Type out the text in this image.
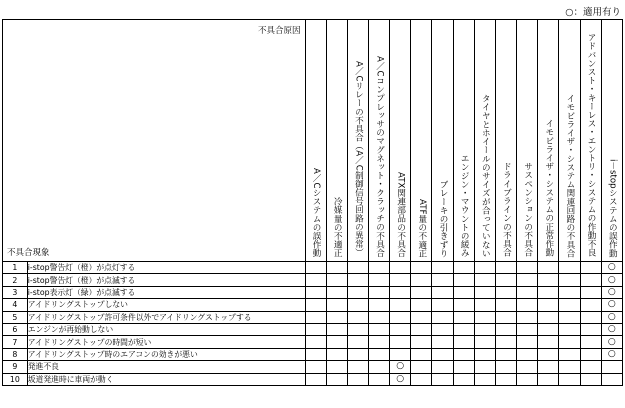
○：適用有り
不具合原因
不具合現象		A／Cシステムの誤作動	冷媒量の不適正	A／Cリレーの不具合（A／C制御信号回路の異常）	A／Cコンプレッサのマグネット・クラッチの不具合	ATX関連部品の不具合	ATF量の不適正	ブレーキの引きずり	エンジン・マウントの緩み	タイヤとホイールのサイズが合っていない	ドライブラインの不具合	サスペンションの不具合	イモビライザ・システムの正常作動	イモビライザ・システム関連回路の不具合	アドバンスト・キーレス・エントリ・システムの作動不良	i－stopシステムの誤作動

1	i-stop警告灯（橙）が点灯する															○
2	i-stop警告灯（橙）が点滅する															○
3	i-stop表示灯（緑）が点滅する															○
4	アイドリングストップしない															○
5	アイドリングストップ許可条件以外でアイドリングストップする															○
6	エンジンが再始動しない															○
7	アイドリングストップの時間が短い															○
8	アイドリングストップ時のエアコンの効きが悪い															○
9	発進不良					○										
10	坂道発進時に車両が動く					○										
